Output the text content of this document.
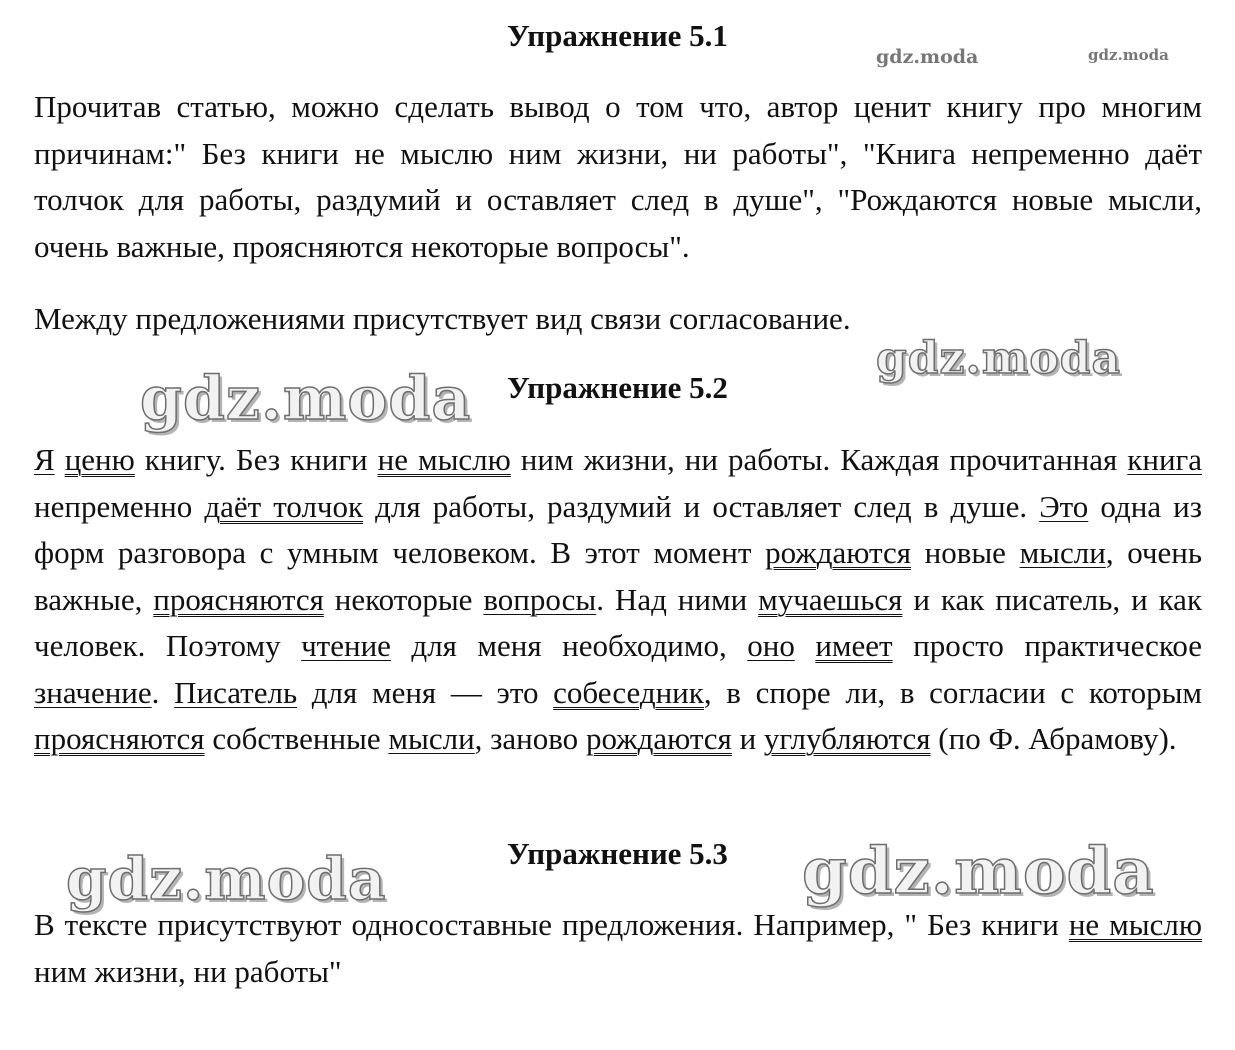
Упражнение 5.1
Прочитав статью, можно сделать вывод о том что, автор ценит книгу про многим причинам:" Без книги не мыслю ним жизни, ни работы", "Книга непременно даёт толчок для работы, раздумий и оставляет след в душе", "Рождаются новые мысли, очень важные, проясняются некоторые вопросы".
Между предложениями присутствует вид связи согласование.
Упражнение 5.2
Я ценю книгу. Без книги не мыслю ним жизни, ни работы. Каждая прочитанная книга непременно даёт толчок для работы, раздумий и оставляет след в душе. Это одна из форм разговора с умным человеком. В этот момент рождаются новые мысли, очень важные, проясняются некоторые вопросы. Над ними мучаешься и как писатель, и как человек. Поэтому чтение для меня необходимо, оно имеет просто практическое значение. Писатель для меня — это собеседник, в споре ли, в согласии с которым проясняются собственные мысли, заново рождаются и углубляются (по Ф. Абрамову).
Упражнение 5.3
В тексте присутствуют односоставные предложения. Например, " Без книги не мыслю ним жизни, ни работы"
gdz.moda	gdz.moda
gdz.moda
gdz.moda
gdz.moda	gdz.moda
